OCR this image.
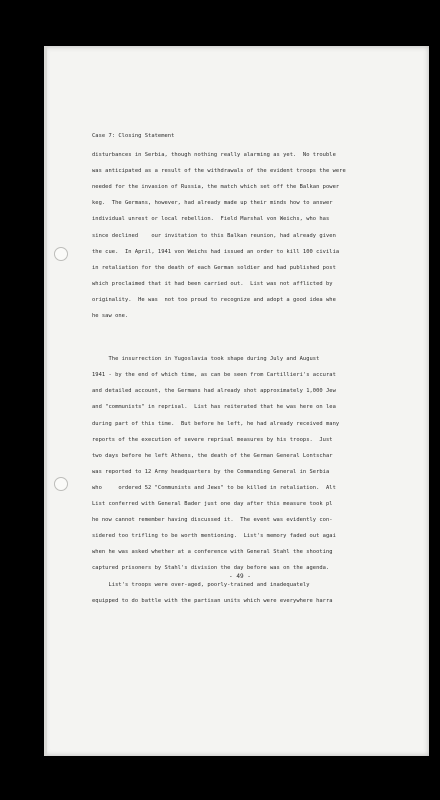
Case 7: Closing Statement
disturbances in Serbia, though nothing really alarming as yet.  No trouble
was anticipated as a result of the withdrawals of the evident troops the were
needed for the invasion of Russia, the match which set off the Balkan power
keg.  The Germans, however, had already made up their minds how to answer
individual unrest or local rebellion.  Field Marshal von Weichs, who has
since declined    our invitation to this Balkan reunion, had already given
the cue.  In April, 1941 von Weichs had issued an order to kill 100 civilia
in retaliation for the death of each German soldier and had published post
which proclaimed that it had been carried out.  List was not afflicted by
originality.  He was  not too proud to recognize and adopt a good idea whe
he saw one.
The insurrection in Yugoslavia took shape during July and August
1941 - by the end of which time, as can be seen from Cartillieri's accurat
and detailed account, the Germans had already shot approximately 1,000 Jew
and "communists" in reprisal.  List has reiterated that he was here on lea
during part of this time.  But before he left, he had already received many
reports of the execution of severe reprisal measures by his troops.  Just
two days before he left Athens, the death of the German General Lontschar
was reported to 12 Army headquarters by the Commanding General in Serbia
who     ordered 52 "Communists and Jews" to be killed in retaliation.  Alt
List conferred with General Bader just one day after this measure took pl
he now cannot remember having discussed it.  The event was evidently con-
sidered too trifling to be worth mentioning.  List's memory faded out agai
when he was asked whether at a conference with General Stahl the shooting
captured prisoners by Stahl's division the day before was on the agenda.
List's troops were over-aged, poorly-trained and inadequately
equipped to do battle with the partisan units which were everywhere harra
- 49 -
